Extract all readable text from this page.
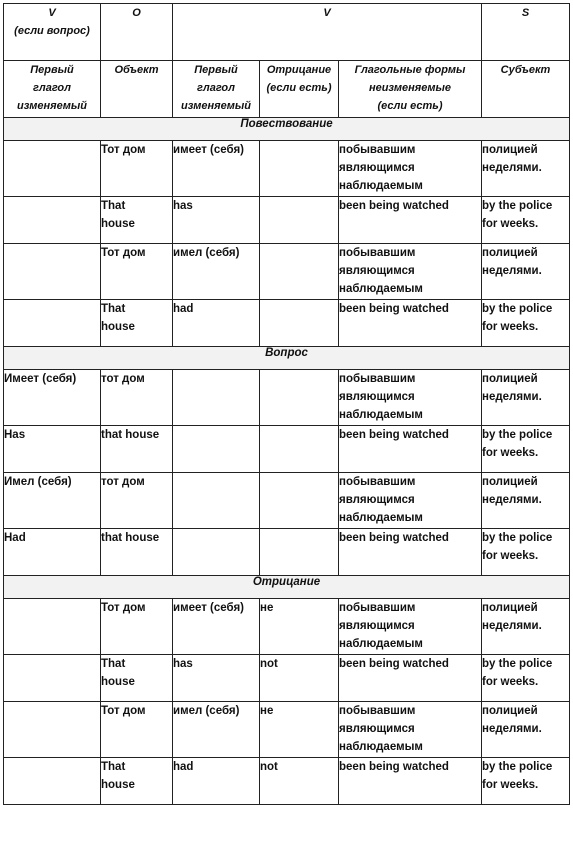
V
(если вопрос)	O	V			S
Первый
глагол
изменяемый	Объект	Первый
глагол
изменяемый	Отрицание
(если есть)	Глагольные формы
неизменяемые
(если есть)	Субъект
Повествование					
	Тот дом	имеет (себя)		побывавшим
являющимся
наблюдаемым	полицией
неделями.
	That
house	has		been being watched	by the police
for weeks.
	Тот дом	имел (себя)		побывавшим
являющимся
наблюдаемым	полицией
неделями.
	That
house	had		been being watched	by the police
for weeks.
Вопрос					
Имеет (себя)	тот дом			побывавшим
являющимся
наблюдаемым	полицией
неделями.
Has	that house			been being watched	by the police
for weeks.
Имел (себя)	тот дом			побывавшим
являющимся
наблюдаемым	полицией
неделями.
Had	that house			been being watched	by the police
for weeks.
Отрицание					
	Тот дом	имеет (себя)	не	побывавшим
являющимся
наблюдаемым	полицией
неделями.
	That
house	has	not	been being watched	by the police
for weeks.
	Тот дом	имел (себя)	не	побывавшим
являющимся
наблюдаемым	полицией
неделями.
	That
house	had	not	been being watched	by the police
for weeks.
